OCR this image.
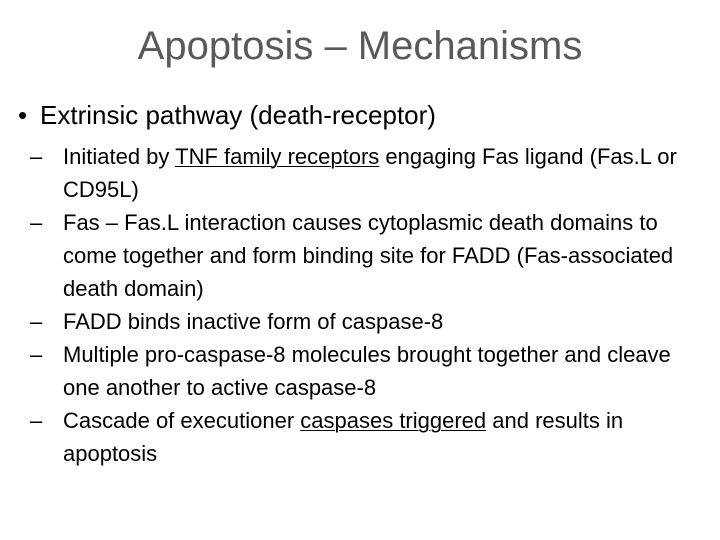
Apoptosis – Mechanisms
• Extrinsic pathway (death-receptor)
– Initiated by TNF family receptors engaging Fas ligand (Fas.L or CD95L)
– Fas – Fas.L interaction causes cytoplasmic death domains to come together and form binding site for FADD (Fas-associated death domain)
– FADD binds inactive form of caspase-8
– Multiple pro-caspase-8 molecules brought together and cleave one another to active caspase-8
– Cascade of executioner caspases triggered and results in apoptosis
